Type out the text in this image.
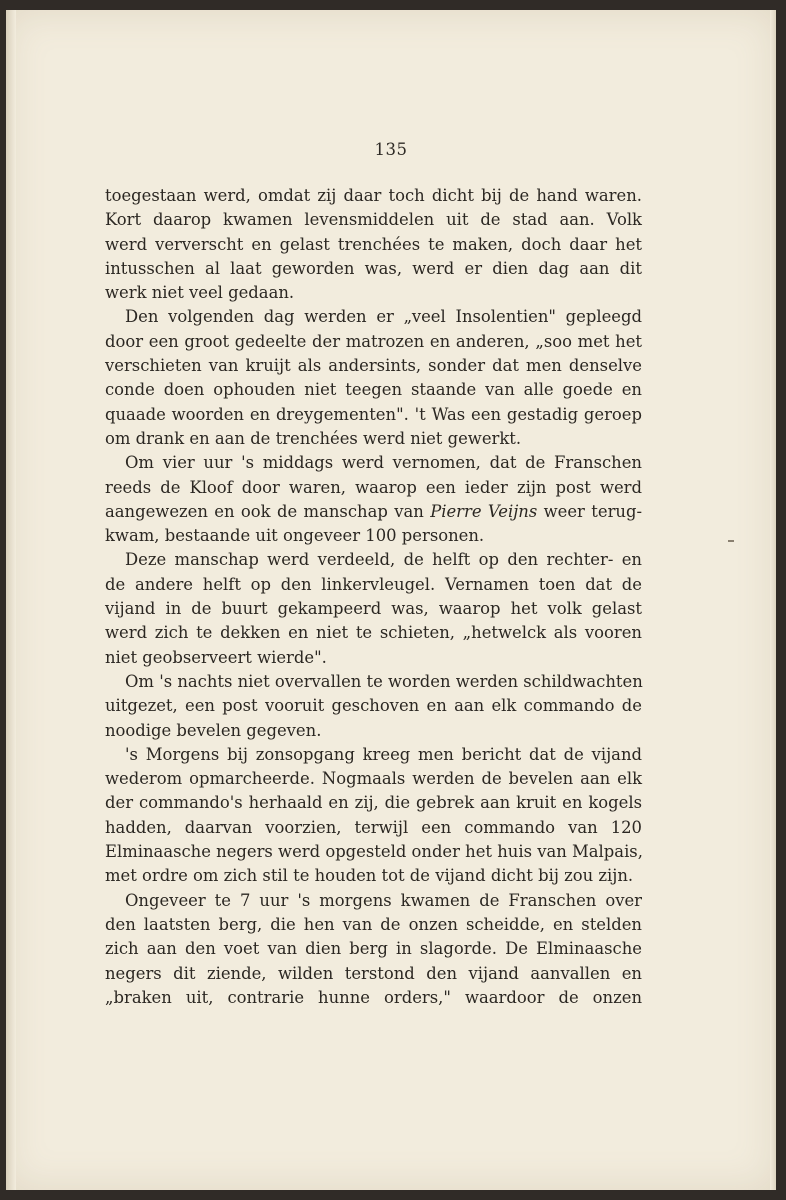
135
toegestaan werd, omdat zij daar toch dicht bij de hand waren.
Kort daarop kwamen levensmiddelen uit de stad aan. Volk
werd ververscht en gelast trenchées te maken, doch daar het
intusschen al laat geworden was, werd er dien dag aan dit
werk niet veel gedaan.
Den volgenden dag werden er „veel Insolentien" gepleegd
door een groot gedeelte der matrozen en anderen, „soo met het
verschieten van kruijt als andersints, sonder dat men denselve
conde doen ophouden niet teegen staande van alle goede en
quaade woorden en dreygementen". 't Was een gestadig geroep
om drank en aan de trenchées werd niet gewerkt.
Om vier uur 's middags werd vernomen, dat de Franschen
reeds de Kloof door waren, waarop een ieder zijn post werd
aangewezen en ook de manschap van Pierre Veijns weer terug-
kwam, bestaande uit ongeveer 100 personen.
Deze manschap werd verdeeld, de helft op den rechter- en
de andere helft op den linkervleugel. Vernamen toen dat de
vijand in de buurt gekampeerd was, waarop het volk gelast
werd zich te dekken en niet te schieten, „hetwelck als vooren
niet geobserveert wierde".
Om 's nachts niet overvallen te worden werden schildwachten
uitgezet, een post vooruit geschoven en aan elk commando de
noodige bevelen gegeven.
's Morgens bij zonsopgang kreeg men bericht dat de vijand
wederom opmarcheerde. Nogmaals werden de bevelen aan elk
der commando's herhaald en zij, die gebrek aan kruit en kogels
hadden, daarvan voorzien, terwijl een commando van 120
Elminaasche negers werd opgesteld onder het huis van Malpais,
met ordre om zich stil te houden tot de vijand dicht bij zou zijn.
Ongeveer te 7 uur 's morgens kwamen de Franschen over
den laatsten berg, die hen van de onzen scheidde, en stelden
zich aan den voet van dien berg in slagorde. De Elminaasche
negers dit ziende, wilden terstond den vijand aanvallen en
„braken uit, contrarie hunne orders," waardoor de onzen
